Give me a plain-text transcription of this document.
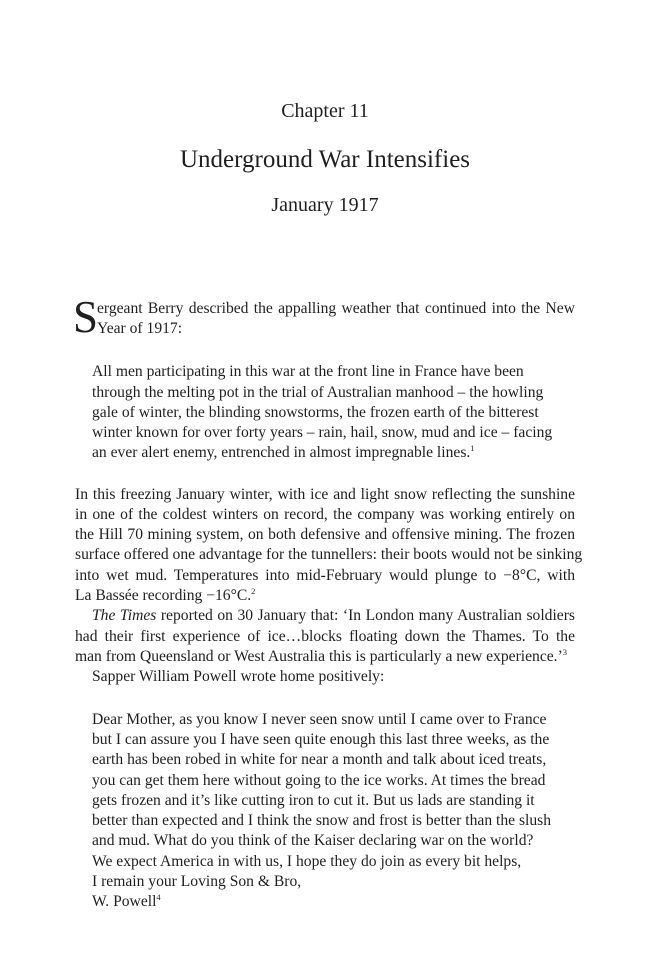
Chapter 11
Underground War Intensifies
January 1917
S
ergeant Berry described the appalling weather that continued into the New
Year of 1917:
All men participating in this war at the front line in France have been
through the melting pot in the trial of Australian manhood – the howling
gale of winter, the blinding snowstorms, the frozen earth of the bitterest
winter known for over forty years – rain, hail, snow, mud and ice – facing
an ever alert enemy, entrenched in almost impregnable lines.$^1$
In this freezing January winter, with ice and light snow reflecting the sunshine
in one of the coldest winters on record, the company was working entirely on
the Hill 70 mining system, on both defensive and offensive mining. The frozen
surface offered one advantage for the tunnellers: their boots would not be sinking
into wet mud. Temperatures into mid-February would plunge to −8°C, with
La Bassée recording −16°C.$^2$
The Times reported on 30 January that: ‘In London many Australian soldiers
had their first experience of ice…blocks floating down the Thames. To the
man from Queensland or West Australia this is particularly a new experience.’$^3$
Sapper William Powell wrote home positively:
Dear Mother, as you know I never seen snow until I came over to France
but I can assure you I have seen quite enough this last three weeks, as the
earth has been robed in white for near a month and talk about iced treats,
you can get them here without going to the ice works. At times the bread
gets frozen and it’s like cutting iron to cut it. But us lads are standing it
better than expected and I think the snow and frost is better than the slush
and mud. What do you think of the Kaiser declaring war on the world?
We expect America in with us, I hope they do join as every bit helps,
I remain your Loving Son & Bro,
W. Powell$^4$
